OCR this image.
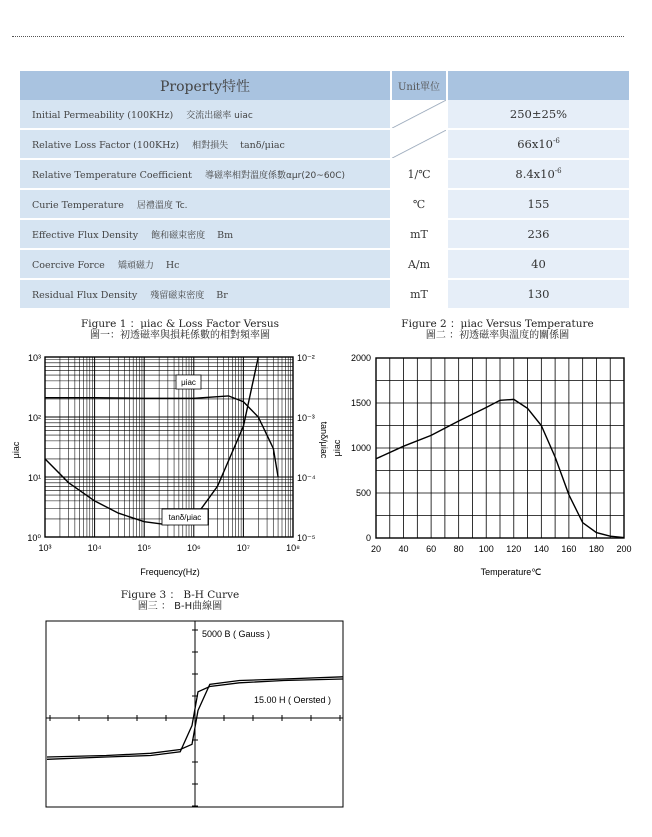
Property特性	Unit單位	
Initial Permeability (100KHz) 交流出磁率 uiac		250±25%
Relative Loss Factor (100KHz) 相對損失 tanδ/μiac		$66x10^{-6}$
Relative Temperature Coefficient 導磁率相對溫度係數αμr(20~60C)	1/℃	$8.4x10^{-6}$
Curie Temperature 居禮溫度 Tc.	℃	155
Effective Flux Density 飽和磁束密度 Bm	mT	236
Coercive Force 矯頑磁力 Hc	A/m	40
Residual Flux Density 殘留磁束密度 Br	mT	130
Figure 1 ：μiac & Loss Factor Versus
圖一：初透磁率與損耗係數的相對頻率圖
Figure 2 ：μiac Versus Temperature
圖二 ：初透磁率與溫度的關係圖
Figure 3 ： B-H Curve
圖三 ： B-H曲線圖
10³	10⁴	10⁵	10⁶	10⁷	10⁸
10³
10²
10¹
10⁰
10⁻²
10⁻³
10⁻⁴
10⁻⁵
μiac
tanδ/μiac
Frequency(Hz)
μiac	tanδ/μiac
20 40 60 80 100 120 140 160 180 200
0
500
1000
1500
2000
Temperature℃
μiac
5000 B ( Gauss )
15.00 H ( Oersted )
